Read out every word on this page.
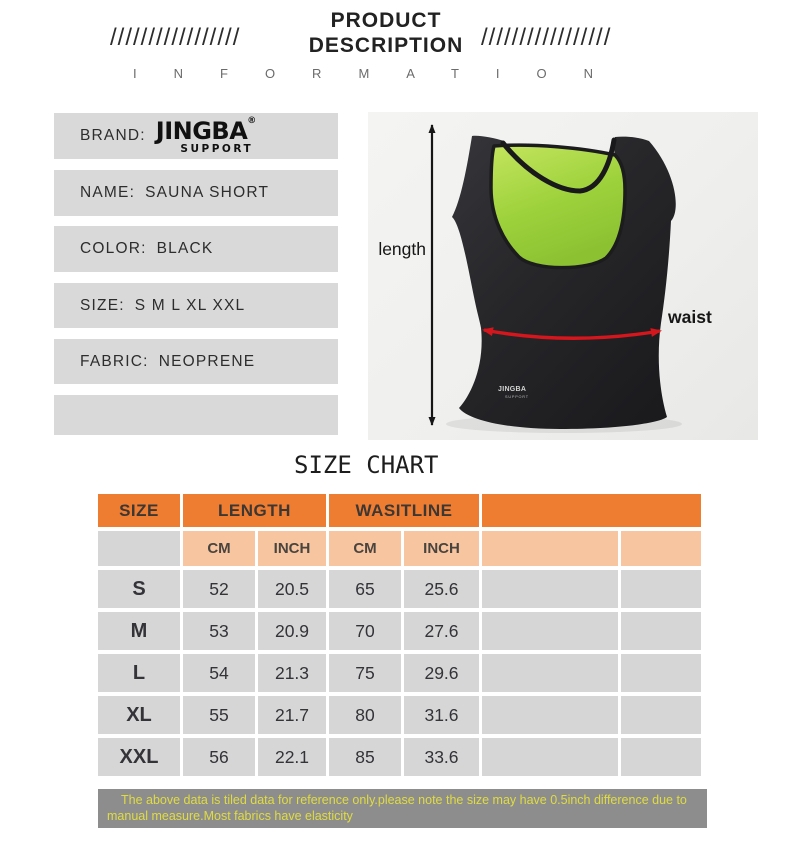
/////////////////
PRODUCT
DESCRIPTION /////////////////
INFORMATION
BRAND: JINGBA®
SUPPORT
NAME: SAUNA SHORT
COLOR: BLACK
SIZE: S M L XL XXL
FABRIC: NEOPRENE
JINGBA
SUPPORT
length
waist
SIZE CHART
SIZE	LENGTH		WASITLINE			
	CM	INCH	CM	INCH		
S	52	20.5	65	25.6		
M	53	20.9	70	27.6		
L	54	21.3	75	29.6		
XL	55	21.7	80	31.6		
XXL	56	22.1	85	33.6		
The above data is tiled data for reference only.please note the size may have 0.5inch difference due to
manual measure.Most fabrics have elasticity
